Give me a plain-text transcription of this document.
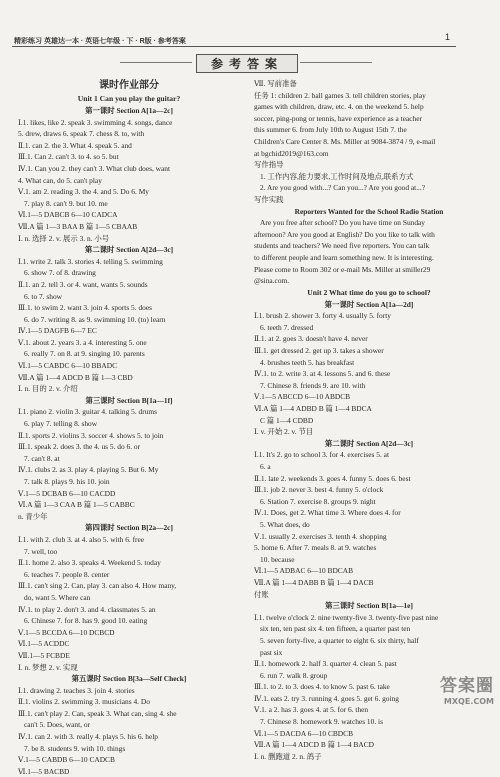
精彩练习 英雄达一本 · 英语七年级 · 下 · R版 · 参考答案	1
参考答案
课时作业部分
Unit 1 Can you play the guitar?
第一课时 Section A[1a—2c]
Ⅰ.1. likes, like 2. speak 3. swimming 4. songs, dance
5. drew, draws 6. speak 7. chess 8. to, with
Ⅱ.1. can 2. the 3. What 4. speak 5. and
Ⅲ.1. Can 2. can't 3. to 4. so 5. but
Ⅳ.1. Can you 2. they can't 3. What club does, want
4. What can, do 5. can't play
Ⅴ.1. am 2. reading 3. the 4. and 5. Do 6. My
7. play 8. can't 9. but 10. me
Ⅵ.1—5 DABCB 6—10 CADCA
Ⅶ.A 篇 1—3 BAA B 篇 1—5 CBAAB
Ⅰ. n. 选择 2. v. 展示 3. n. 小号
第二课时 Section A[2d—3c]
Ⅰ.1. write 2. talk 3. stories 4. telling 5. swimming
6. show 7. of 8. drawing
Ⅱ.1. an 2. tell 3. or 4. want, wants 5. sounds
6. to 7. show
Ⅲ.1. to swim 2. want 3. join 4. sports 5. does
6. do 7. writing 8. as 9. swimming 10. (to) learn
Ⅳ.1—5 DAGFB 6—7 EC
Ⅴ.1. about 2. years 3. a 4. interesting 5. one
6. really 7. on 8. at 9. singing 10. parents
Ⅵ.1—5 CABDC 6—10 BBADC
Ⅶ.A 篇 1—4 ADCD B 篇 1—3 CBD
Ⅰ. n. 目的 2. v. 介绍
第三课时 Section B[1a—1f]
Ⅰ.1. piano 2. violin 3. guitar 4. talking 5. drums
6. play 7. telling 8. show
Ⅱ.1. sports 2. violins 3. soccer 4. shows 5. to join
Ⅲ.1. speak 2. does 3. the 4. us 5. do 6. or
7. can't 8. at
Ⅳ.1. clubs 2. as 3. play 4. playing 5. But 6. My
7. talk 8. plays 9. his 10. join
Ⅴ.1—5 DCBAB 6—10 CACDD
Ⅵ.A 篇 1—3 CAA B 篇 1—5 CABBC
n. 青少年
第四课时 Section B[2a—2c]
Ⅰ.1. with 2. club 3. at 4. also 5. with 6. free
7. well, too
Ⅱ.1. home 2. also 3. speaks 4. Weekend 5. today
6. teaches 7. people 8. center
Ⅲ.1. can't sing 2. Can, play 3. can also 4. How many,
do, want 5. Where can
Ⅳ.1. to play 2. don't 3. and 4. classmates 5. an
6. Chinese 7. for 8. has 9. good 10. eating
Ⅴ.1—5 BCCDA 6—10 DCBCD
Ⅵ.1—5 ACDDC
Ⅶ.1—5 FCBDE
Ⅰ. n. 梦想 2. v. 实现
第五课时 Section B[3a—Self Check]
Ⅰ.1. drawing 2. teaches 3. join 4. stories
Ⅱ.1. violins 2. swimming 3. musicians 4. Do
Ⅲ.1. can't play 2. Can, speak 3. What can, sing 4. she
can't 5. Does, want, or
Ⅳ.1. can 2. with 3. really 4. plays 5. his 6. help
7. be 8. students 9. with 10. things
Ⅴ.1—5 CABDB 6—10 CADCB
Ⅵ.1—5 BACBD
Ⅶ. 写前准备
任务 1: children 2. ball games 3. tell children stories, play
games with children, draw, etc. 4. on the weekend 5. help
soccer, ping-pong or tennis, have experience as a teacher
this summer 6. from July 10th to August 15th 7. the
Children's Care Center 8. Ms. Miller at 9084-3874 / 9, e-mail
at bgchid2019@163.com
写作指导
1. 工作内容,能力要求,工作时间及地点,联系方式
2. Are you good with...? Can you...? Are you good at...?
写作实践
Reporters Wanted for the School Radio Station
Are you free after school? Do you have time on Sunday
afternoon? Are you good at English? Do you like to talk with
students and teachers? We need five reporters. You can talk
to different people and learn something new. It is interesting.
Please come to Room 302 or e-mail Ms. Miller at smiller29
@sina.com.
Unit 2 What time do you go to school?
第一课时 Section A[1a—2d]
Ⅰ.1. brush 2. shower 3. forty 4. usually 5. forty
6. teeth 7. dressed
Ⅱ.1. at 2. goes 3. doesn't have 4. never
Ⅲ.1. get dressed 2. get up 3. takes a shower
4. brushes teeth 5. has breakfast
Ⅳ.1. to 2. write 3. at 4. lessons 5. and 6. these
7. Chinese 8. friends 9. are 10. with
Ⅴ.1—5 ABCCD 6—10 ABDCB
Ⅵ.A 篇 1—4 ADBD B 篇 1—4 BDCA
C 篇 1—4 CDBD
Ⅰ. v. 开始 2. v. 节目
第二课时 Section A[2d—3c]
Ⅰ.1. It's 2. go to school 3. for 4. exercises 5. at
6. a
Ⅱ.1. late 2. weekends 3. goes 4. funny 5. does 6. best
Ⅲ.1. job 2. never 3. best 4. funny 5. o'clock
6. Station 7. exercise 8. groups 9. night
Ⅳ.1. Does, get 2. What time 3. Where does 4. for
5. What does, do
Ⅴ.1. usually 2. exercises 3. tenth 4. shopping
5. home 6. After 7. meals 8. at 9. watches
10. because
Ⅵ.1—5 ADBAC 6—10 BDCAB
Ⅶ.A 篇 1—4 DABB B 篇 1—4 DACB
付账
第三课时 Section B[1a—1e]
Ⅰ.1. twelve o'clock 2. nine twenty-five 3. twenty-five past nine
six ten, ten past six 4. ten fifteen, a quarter past ten
5. seven forty-five, a quarter to eight 6. six thirty, half
past six
Ⅱ.1. homework 2. half 3. quarter 4. clean 5. past
6. run 7. walk 8. group
Ⅲ.1. to 2. to 3. does 4. to know 5. past 6. take
Ⅳ.1. eats 2. try 3. running 4. goes 5. get 6. going
Ⅴ.1. a 2. has 3. goes 4. at 5. for 6. then
7. Chinese 8. homework 9. watches 10. is
Ⅵ.1—5 DACDA 6—10 CBDCB
Ⅶ.A 篇 1—4 ADCD B 篇 1—4 BACD
Ⅰ. n. 删跑道 2. n. 鸽子
答案圈
MXQE.COM
